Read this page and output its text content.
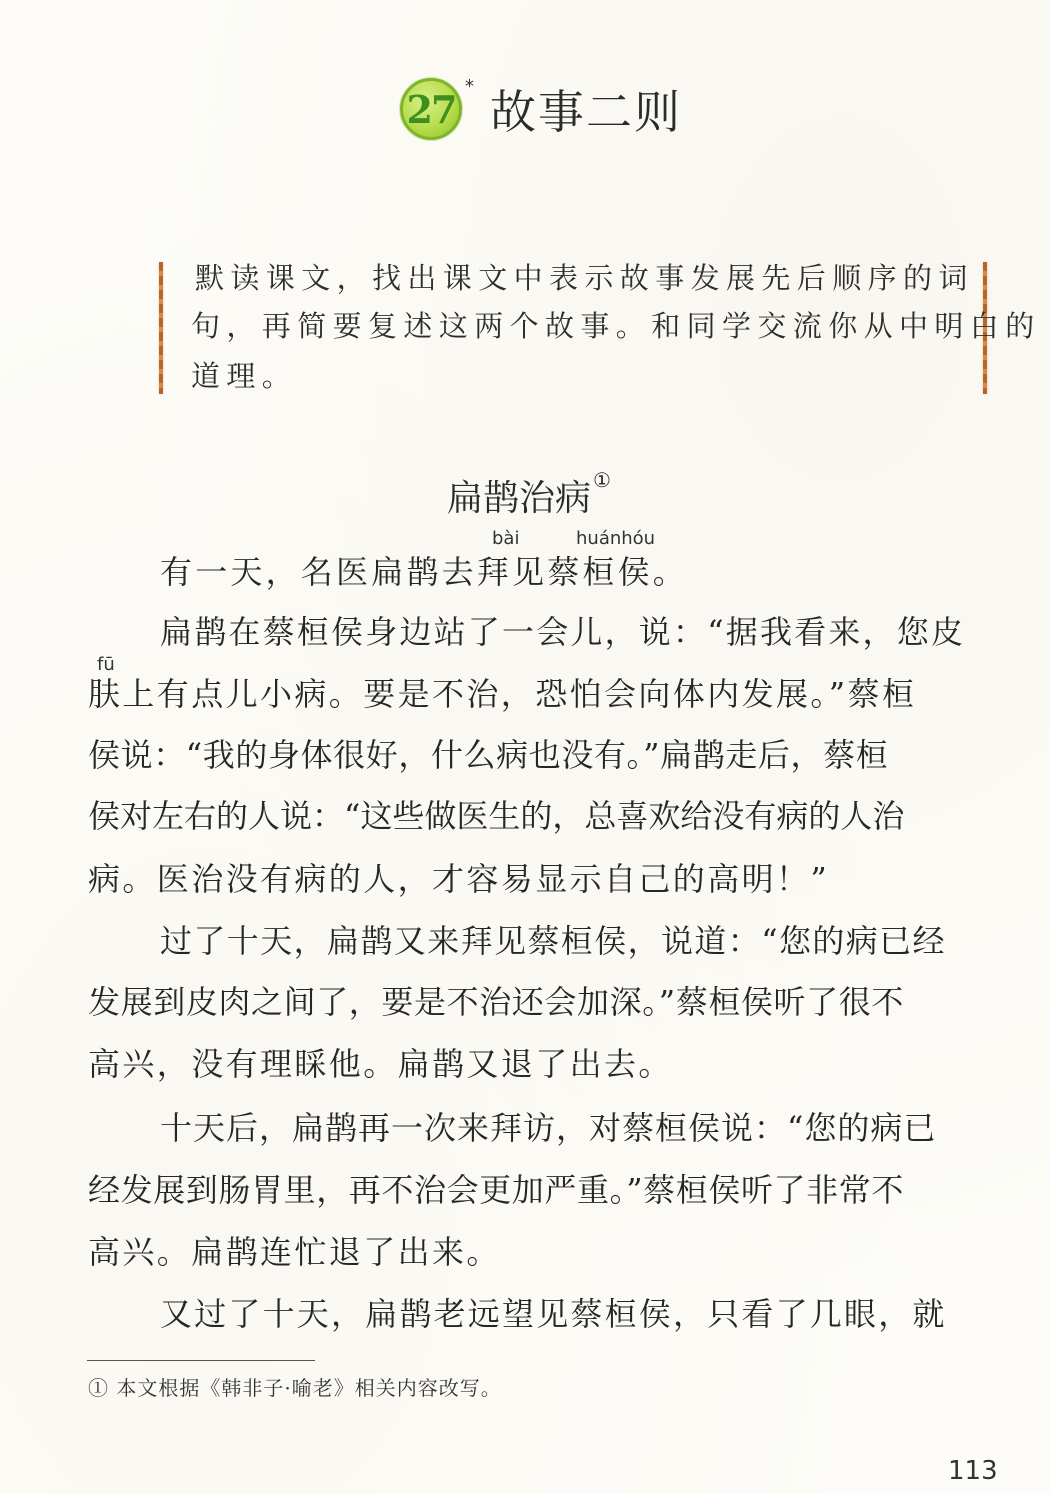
27 * 故事二则
默读课文，找出课文中表示故事发展先后顺序的词
句，再简要复述这两个故事。和同学交流你从中明白的
道理。
扁鹊治病 ①
bài	huánhóu
fū
有一天，名医扁鹊去拜见蔡桓侯。
扁鹊在蔡桓侯身边站了一会儿，说：“据我看来，您皮
肤上有点儿小病。要是不治，恐怕会向体内发展。”蔡桓
侯说：“我的身体很好，什么病也没有。”扁鹊走后，蔡桓
侯对左右的人说：“这些做医生的，总喜欢给没有病的人治
病。医治没有病的人，才容易显示自己的高明！”
过了十天，扁鹊又来拜见蔡桓侯，说道：“您的病已经
发展到皮肉之间了，要是不治还会加深。”蔡桓侯听了很不
高兴，没有理睬他。扁鹊又退了出去。
十天后，扁鹊再一次来拜访，对蔡桓侯说：“您的病已
经发展到肠胃里，再不治会更加严重。”蔡桓侯听了非常不
高兴。扁鹊连忙退了出来。
又过了十天，扁鹊老远望见蔡桓侯，只看了几眼，就
① 本文根据《韩非子·喻老》相关内容改写。
113
